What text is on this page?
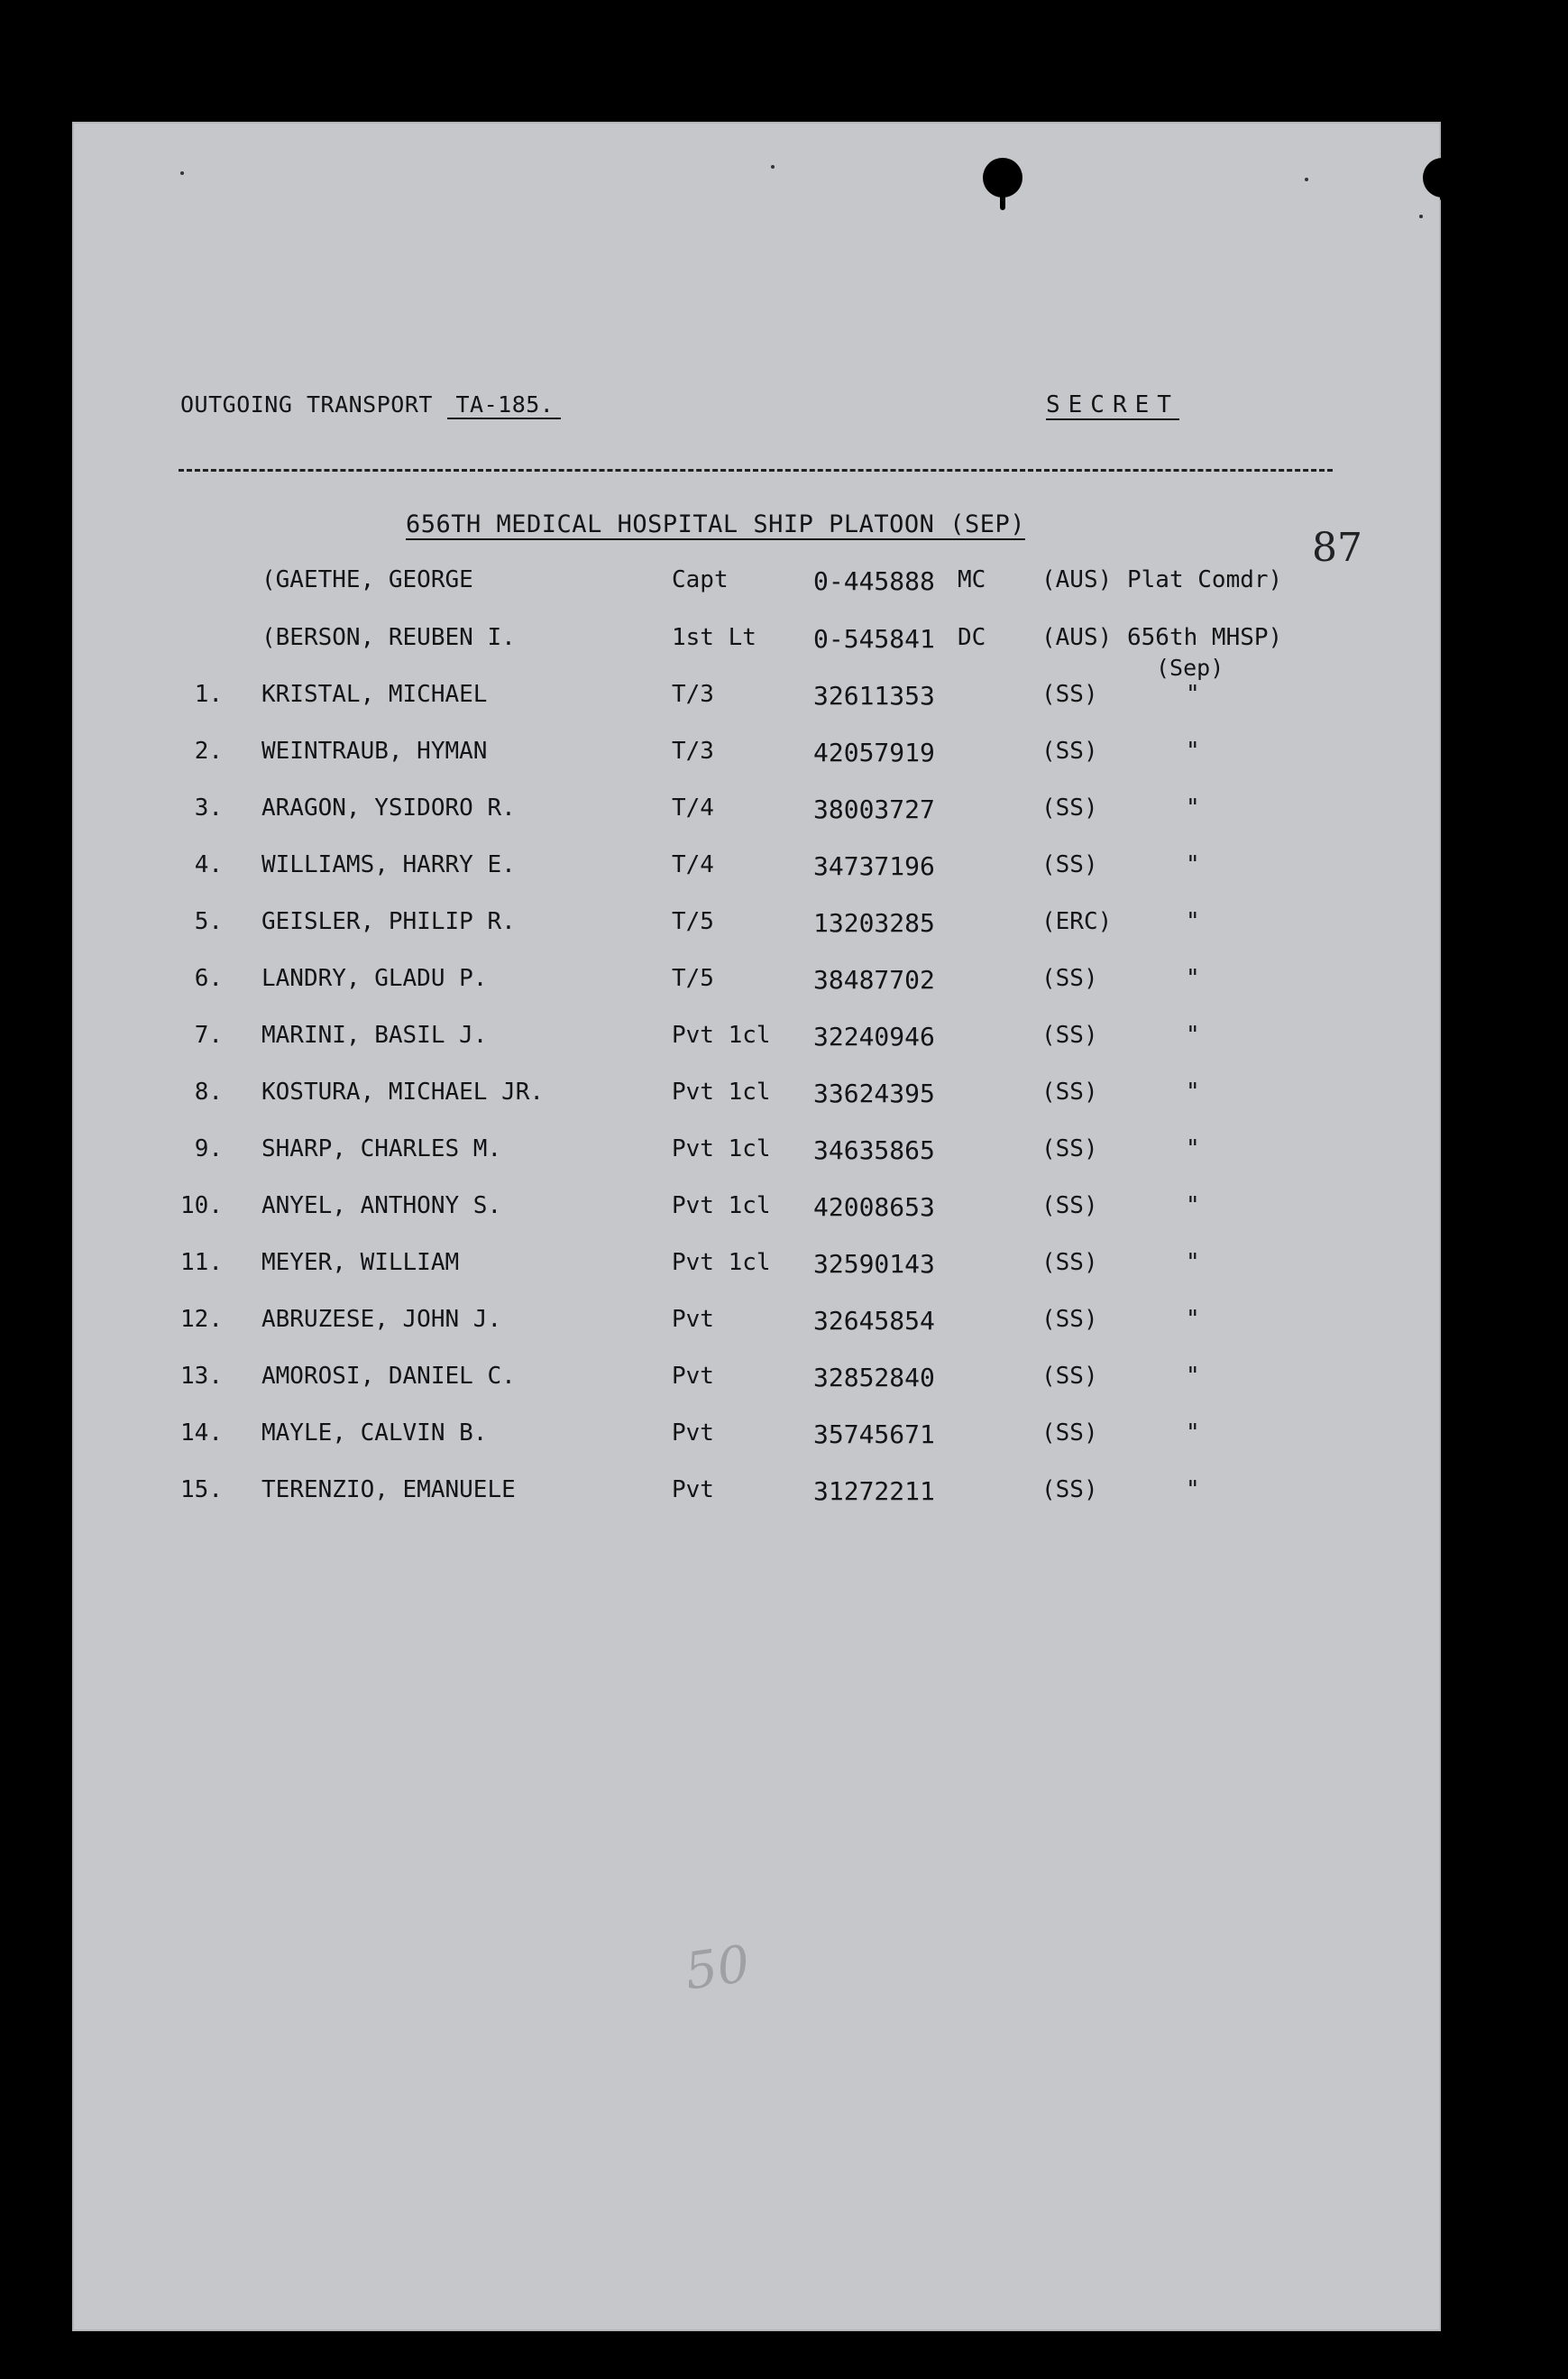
OUTGOING TRANSPORT TA-185.	SECRET
656TH MEDICAL HOSPITAL SHIP PLATOON (SEP)
87
(GAETHE, GEORGE	Capt	0-445888 MC (AUS) Plat Comdr)
(BERSON, REUBEN I.	1st Lt 0-545841 DC (AUS) 656th MHSP)
(Sep)
1. KRISTAL, MICHAEL	T/3	32611353	(SS)	"
2. WEINTRAUB, HYMAN	T/3	42057919	(SS)	"
3. ARAGON, YSIDORO R.	T/4	38003727	(SS)	"
4. WILLIAMS, HARRY E.	T/4	34737196	(SS)	"
5. GEISLER, PHILIP R.	T/5	13203285	(ERC)	"
6. LANDRY, GLADU P.	T/5	38487702	(SS)	"
7. MARINI, BASIL J.	Pvt 1cl 32240946	(SS)	"
8. KOSTURA, MICHAEL JR.	Pvt 1cl 33624395	(SS)	"
9. SHARP, CHARLES M.	Pvt 1cl 34635865	(SS)	"
10. ANYEL, ANTHONY S.	Pvt 1cl 42008653	(SS)	"
11. MEYER, WILLIAM	Pvt 1cl 32590143	(SS)	"
12. ABRUZESE, JOHN J.	Pvt	32645854	(SS)	"
13. AMOROSI, DANIEL C.	Pvt	32852840	(SS)	"
14. MAYLE, CALVIN B.	Pvt	35745671	(SS)	"
15. TERENZIO, EMANUELE	Pvt	31272211	(SS)	"
50
